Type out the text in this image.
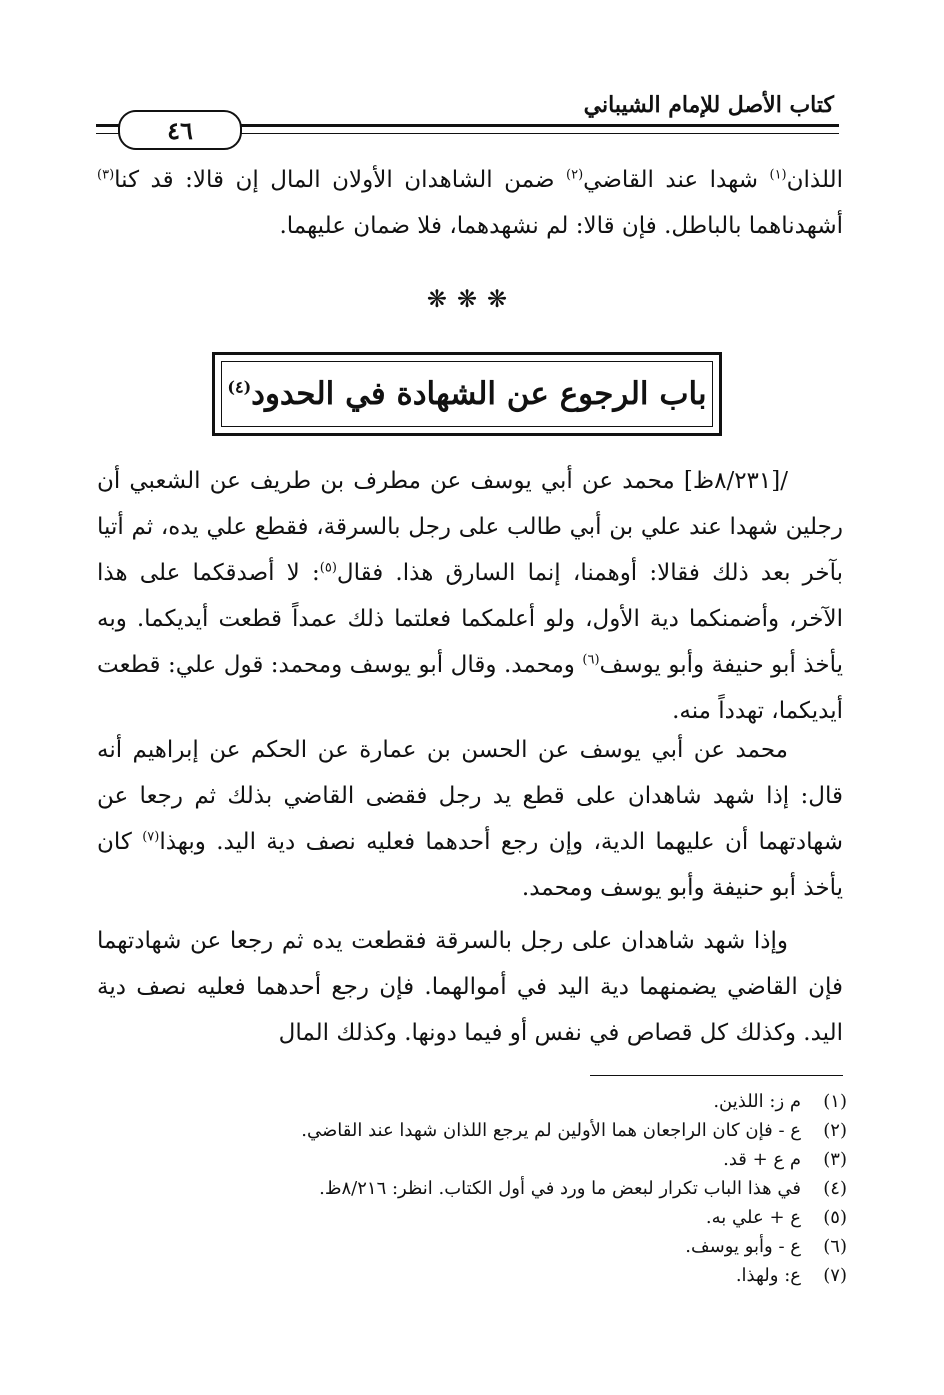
كتاب الأصل للإمام الشيباني
٤٦

اللذان$^{(١)}$ شهدا عند القاضي$^{(٢)}$ ضمن الشاهدان الأولان المال إن قالا: قد كنا$^{(٣)}$ أشهدناهما بالباطل. فإن قالا: لم نشهدهما، فلا ضمان عليهما.

❋❋❋
باب الرجوع عن الشهادة في الحدود$^{(٤)}$

/[٨/٢٣١ظ] محمد عن أبي يوسف عن مطرف بن طريف عن الشعبي أن رجلين شهدا عند علي بن أبي طالب على رجل بالسرقة، فقطع علي يده، ثم أتيا بآخر بعد ذلك فقالا: أوهمنا، إنما السارق هذا. فقال$^{(٥)}$: لا أصدقكما على هذا الآخر، وأضمنكما دية الأول، ولو أعلمكما فعلتما ذلك عمداً قطعت أيديكما. وبه يأخذ أبو حنيفة وأبو يوسف$^{(٦)}$ ومحمد. وقال أبو يوسف ومحمد: قول علي: قطعت أيديكما، تهدداً منه.

محمد عن أبي يوسف عن الحسن بن عمارة عن الحكم عن إبراهيم أنه قال: إذا شهد شاهدان على قطع يد رجل فقضى القاضي بذلك ثم رجعا عن شهادتهما أن عليهما الدية، وإن رجع أحدهما فعليه نصف دية اليد. وبهذا$^{(٧)}$ كان يأخذ أبو حنيفة وأبو يوسف ومحمد.

وإذا شهد شاهدان على رجل بالسرقة فقطعت يده ثم رجعا عن شهادتهما فإن القاضي يضمنهما دية اليد في أموالهما. فإن رجع أحدهما فعليه نصف دية اليد. وكذلك كل قصاص في نفس أو فيما دونها. وكذلك المال

(١)
م ز: اللذين.
(٢)
ع - فإن كان الراجعان هما الأولين لم يرجع اللذان شهدا عند القاضي.
(٣)
م ع + قد.
(٤)
في هذا الباب تكرار لبعض ما ورد في أول الكتاب. انظر: ٨/٢١٦ظ.
(٥)
ع + علي به.
(٦)
ع - وأبو يوسف.
(٧)
ع: ولهذا.
